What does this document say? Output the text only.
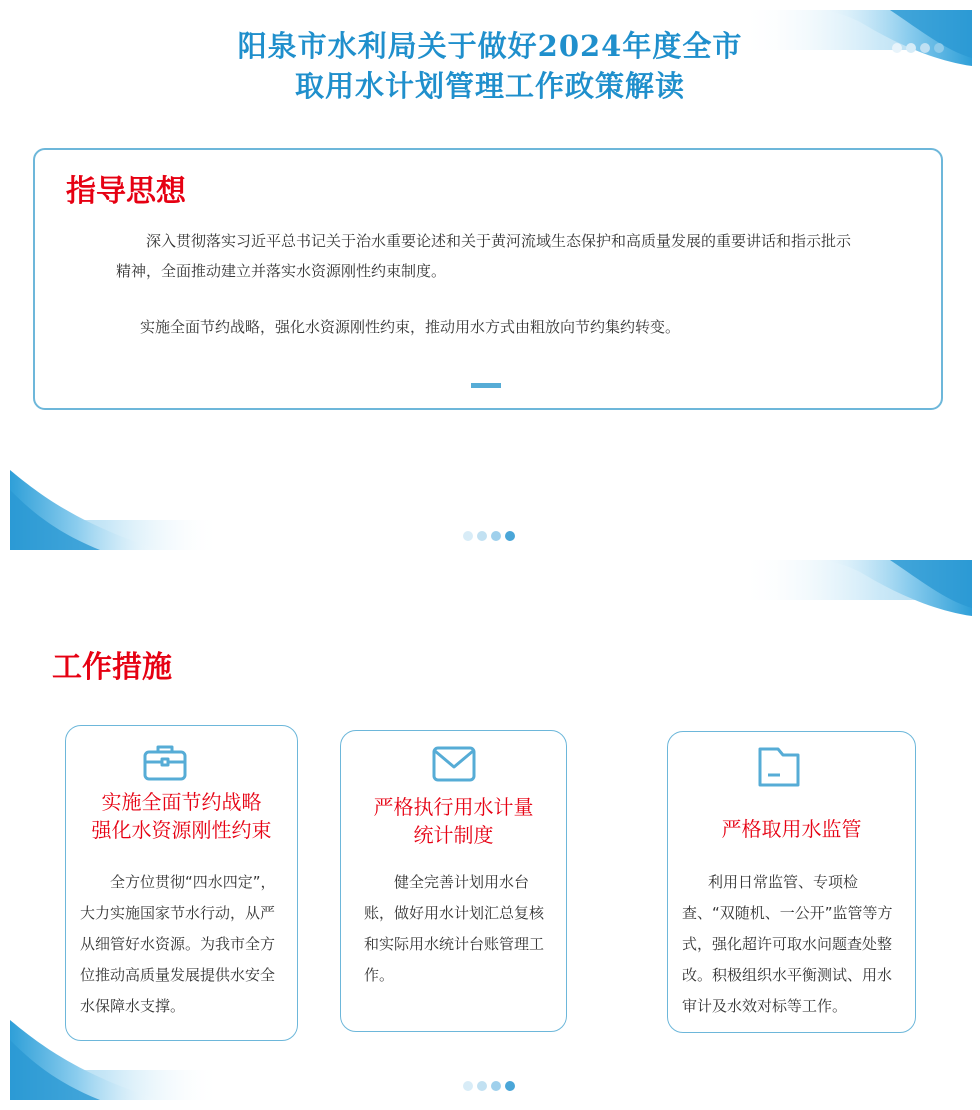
阳泉市水利局关于做好2024年度全市
取用水计划管理工作政策解读
指导思想
深入贯彻落实习近平总书记关于治水重要论述和关于黄河流域生态保护和高质量发展的重要讲话和指示批示精神，全面推动建立并落实水资源刚性约束制度。
实施全面节约战略，强化水资源刚性约束，推动用水方式由粗放向节约集约转变。
工作措施
实施全面节约战略
强化水资源刚性约束
全方位贯彻“四水四定”，大力实施国家节水行动，从严从细管好水资源。为我市全方位推动高质量发展提供水安全水保障水支撑。
严格执行用水计量
统计制度
健全完善计划用水台账，做好用水计划汇总复核和实际用水统计台账管理工作。
严格取用水监管
利用日常监管、专项检查、“双随机、一公开”监管等方式，强化超许可取水问题查处整改。积极组织水平衡测试、用水审计及水效对标等工作。
